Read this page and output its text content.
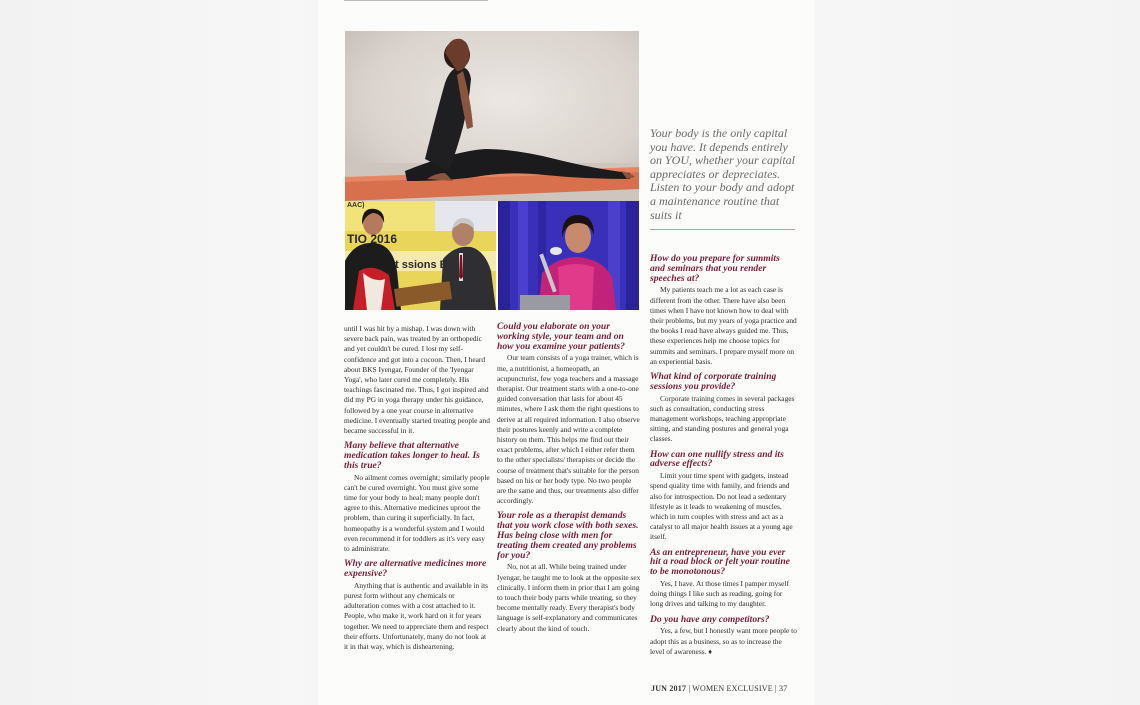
AAC)
TIO 2016
t ssions E
Your body is the only capital you have. It depends entirely on YOU, whether your capital appreciates or depreciates. Listen to your body and adopt a maintenance routine that suits it

until I was hit by a mishap. I was down with severe back pain, was treated by an orthopedic and yet couldn't be cured. I lost my self-confidence and got into a cocoon. Then, I heard about BKS Iyengar, Founder of the 'Iyengar Yoga', who later cured me completely. His teachings fascinated me. Thus, I got inspired and did my PG in yoga therapy under his guidance, followed by a one year course in alternative medicine. I eventually started treating people and became successful in it.

Many believe that alternative medication takes longer to heal. Is this true?

No ailment comes overnight; similarly people can't be cured overnight. You must give some time for your body to heal; many people don't agree to this. Alternative medicines uproot the problem, than curing it superficially. In fact, homeopathy is a wonderful system and I would even recommend it for toddlers as it's very easy to administrate.

Why are alternative medicines more expensive?

Anything that is authentic and available in its purest form without any chemicals or adulteration comes with a cost attached to it. People, who make it, work hard on it for years together. We need to appreciate them and respect their efforts. Unfortunately, many do not look at it in that way, which is disheartening.

Could you elaborate on your working style, your team and on how you examine your patients?

Our team consists of a yoga trainer, which is me, a nutritionist, a homeopath, an acupuncturist, few yoga teachers and a massage therapist. Our treatment starts with a one-to-one guided conversation that lasts for about 45 minutes, where I ask them the right questions to derive at all required information. I also observe their postures keenly and write a complete history on them. This helps me find out their exact problems, after which I either refer them to the other specialists/ therapists or decide the course of treatment that's suitable for the person based on his or her body type. No two people are the same and thus, our treatments also differ accordingly.

Your role as a therapist demands that you work close with both sexes. Has being close with men for treating them created any problems for you?

No, not at all. While being trained under Iyengar, he taught me to look at the opposite sex clinically. I inform them in prior that I am going to touch their body parts while treating, so they become mentally ready. Every therapist's body language is self-explanatory and communicates clearly about the kind of touch.

How do you prepare for summits and seminars that you render speeches at?

My patients teach me a lot as each case is different from the other. There have also been times when I have not known how to deal with their problems, but my years of yoga practice and the books I read have always guided me. Thus, these experiences help me choose topics for summits and seminars. I prepare myself more on an experiential basis.

What kind of corporate training sessions you provide?

Corporate training comes in several packages such as consultation, conducting stress management workshops, teaching appropriate sitting, and standing postures and general yoga classes.

How can one nullify stress and its adverse effects?

Limit your time spent with gadgets, instead spend quality time with family, and friends and also for introspection. Do not lead a sedentary lifestyle as it leads to weakening of muscles, which in turn couples with stress and act as a catalyst to all major health issues at a young age itself.

As an entrepreneur, have you ever hit a road block or felt your routine to be monotonous?

Yes, I have. At those times I pamper myself doing things I like such as reading, going for long drives and talking to my daughter.

Do you have any competitors?

Yes, a few, but I honestly want more people to adopt this as a business, so as to increase the level of awareness. ♦

JUN 2017 | WOMEN EXCLUSIVE | 37
